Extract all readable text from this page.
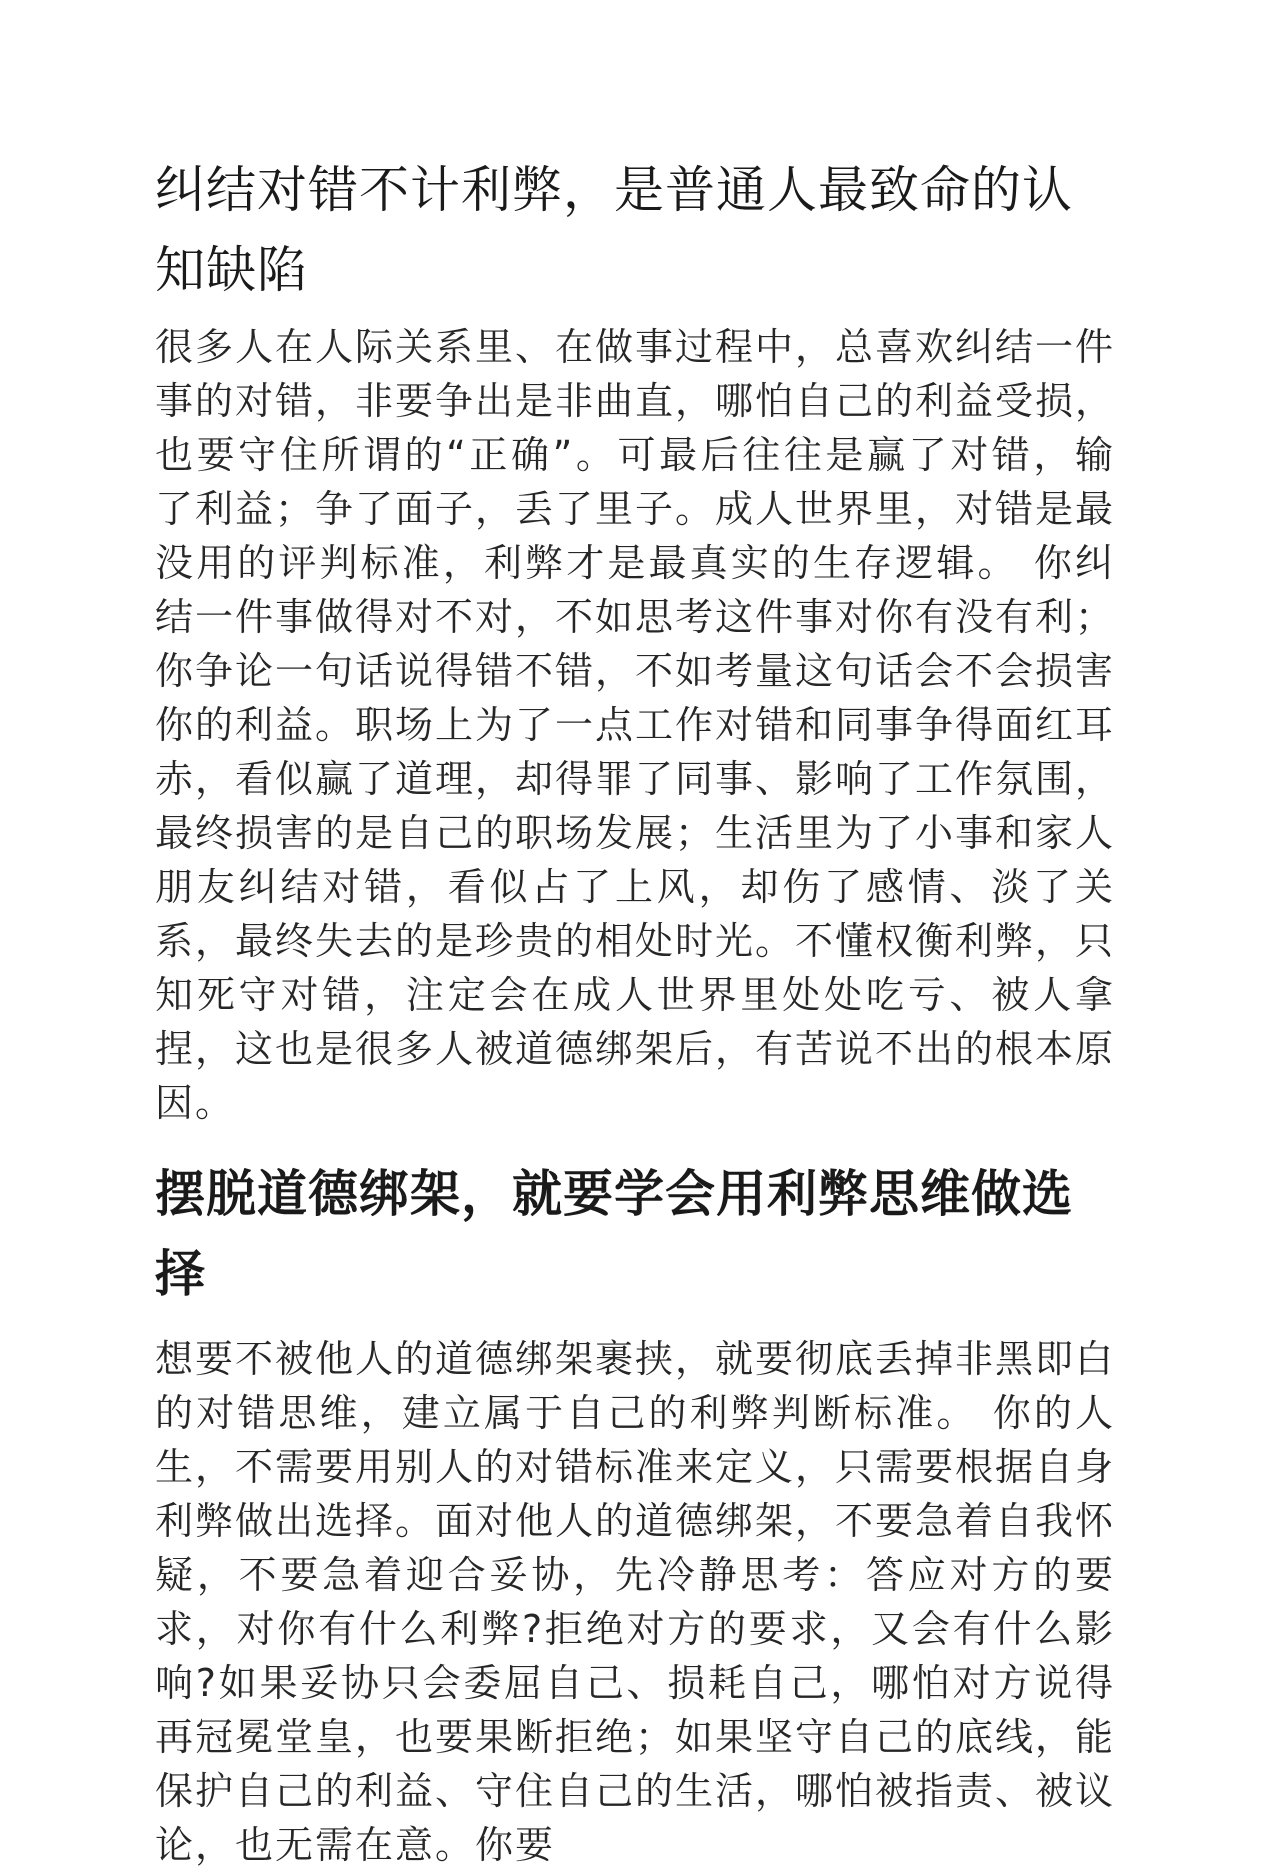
纠结对错不计利弊，是普通人最致命的认知缺陷

很多人在人际关系里、在做事过程中，总喜欢纠结一件事的对错，非要争出是非曲直，哪怕自己的利益受损，也要守住所谓的“正确”。可最后往往是赢了对错，输了利益；争了面子，丢了里子。成人世界里，对错是最没用的评判标准，利弊才是最真实的生存逻辑。 你纠结一件事做得对不对，不如思考这件事对你有没有利；你争论一句话说得错不错，不如考量这句话会不会损害你的利益。职场上为了一点工作对错和同事争得面红耳赤，看似赢了道理，却得罪了同事、影响了工作氛围，最终损害的是自己的职场发展；生活里为了小事和家人朋友纠结对错，看似占了上风，却伤了感情、淡了关系，最终失去的是珍贵的相处时光。不懂权衡利弊，只知死守对错，注定会在成人世界里处处吃亏、被人拿捏，这也是很多人被道德绑架后，有苦说不出的根本原因。

摆脱道德绑架，就要学会用利弊思维做选择

想要不被他人的道德绑架裹挟，就要彻底丢掉非黑即白的对错思维，建立属于自己的利弊判断标准。 你的人生，不需要用别人的对错标准来定义，只需要根据自身利弊做出选择。面对他人的道德绑架，不要急着自我怀疑，不要急着迎合妥协，先冷静思考：答应对方的要求，对你有什么利弊?拒绝对方的要求，又会有什么影响?如果妥协只会委屈自己、损耗自己，哪怕对方说得再冠冕堂皇，也要果断拒绝；如果坚守自己的底线，能保护自己的利益、守住自己的生活，哪怕被指责、被议论，也无需在意。你要
